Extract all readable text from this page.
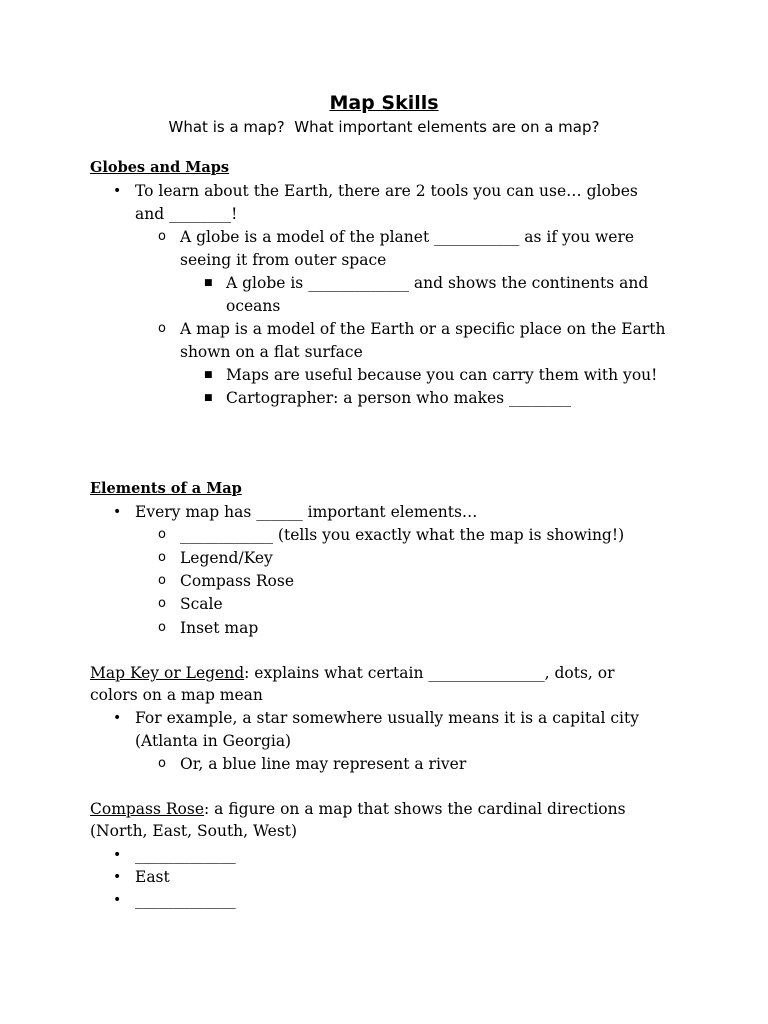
Map Skills
What is a map?  What important elements are on a map?
Globes and Maps
• To learn about the Earth, there are 2 tools you can use… globes
and ________!
o A globe is a model of the planet ___________ as if you were
seeing it from outer space
■ A globe is _____________ and shows the continents and
oceans
o A map is a model of the Earth or a specific place on the Earth
shown on a flat surface
■ Maps are useful because you can carry them with you!
■ Cartographer: a person who makes ________
Elements of a Map
• Every map has ______ important elements…
o ____________ (tells you exactly what the map is showing!)
o Legend/Key
o Compass Rose
o Scale
o Inset map
Map Key or Legend: explains what certain _______________, dots, or
colors on a map mean
• For example, a star somewhere usually means it is a capital city
(Atlanta in Georgia)
o Or, a blue line may represent a river
Compass Rose: a figure on a map that shows the cardinal directions
(North, East, South, West)
• _____________
• East
• _____________
